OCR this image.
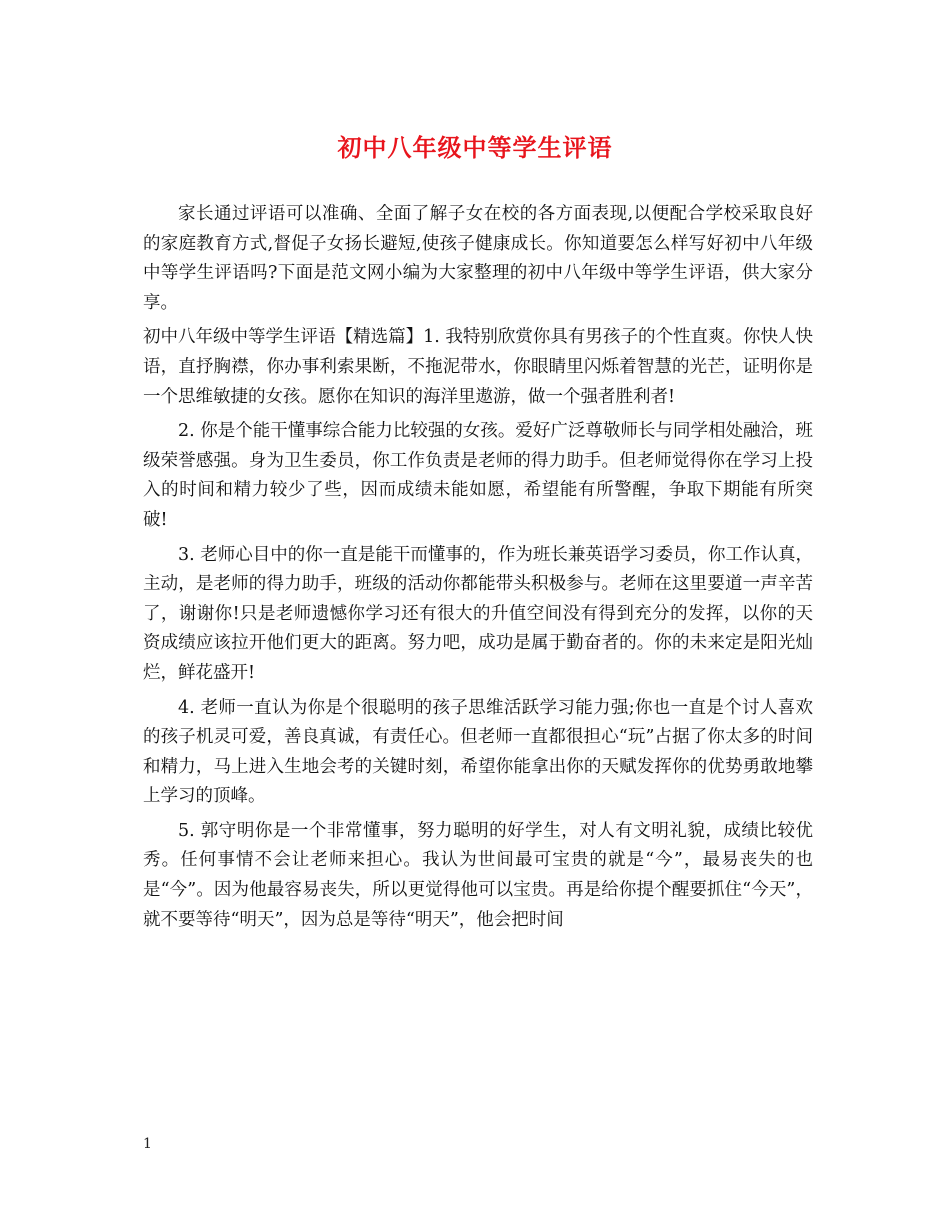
初中八年级中等学生评语

家长通过评语可以准确、全面了解子女在校的各方面表现,以便配合学校采取良好的家庭教育方式,督促子女扬长避短,使孩子健康成长。你知道要怎么样写好初中八年级中等学生评语吗?下面是范文网小编为大家整理的初中八年级中等学生评语，供大家分享。

初中八年级中等学生评语【精选篇】1. 我特别欣赏你具有男孩子的个性直爽。你快人快语，直抒胸襟，你办事利索果断，不拖泥带水，你眼睛里闪烁着智慧的光芒，证明你是一个思维敏捷的女孩。愿你在知识的海洋里遨游，做一个强者胜利者!

2. 你是个能干懂事综合能力比较强的女孩。爱好广泛尊敬师长与同学相处融洽，班级荣誉感强。身为卫生委员，你工作负责是老师的得力助手。但老师觉得你在学习上投入的时间和精力较少了些，因而成绩未能如愿，希望能有所警醒，争取下期能有所突破!

3. 老师心目中的你一直是能干而懂事的，作为班长兼英语学习委员，你工作认真，主动，是老师的得力助手，班级的活动你都能带头积极参与。老师在这里要道一声辛苦了，谢谢你!只是老师遗憾你学习还有很大的升值空间没有得到充分的发挥，以你的天资成绩应该拉开他们更大的距离。努力吧，成功是属于勤奋者的。你的未来定是阳光灿烂，鲜花盛开!

4. 老师一直认为你是个很聪明的孩子思维活跃学习能力强;你也一直是个讨人喜欢的孩子机灵可爱，善良真诚，有责任心。但老师一直都很担心“玩”占据了你太多的时间和精力，马上进入生地会考的关键时刻，希望你能拿出你的天赋发挥你的优势勇敢地攀上学习的顶峰。

5. 郭守明你是一个非常懂事，努力聪明的好学生，对人有文明礼貌，成绩比较优秀。任何事情不会让老师来担心。我认为世间最可宝贵的就是“今”，最易丧失的也是“今”。因为他最容易丧失，所以更觉得他可以宝贵。再是给你提个醒要抓住“今天”，就不要等待“明天”，因为总是等待“明天”，他会把时间

1
